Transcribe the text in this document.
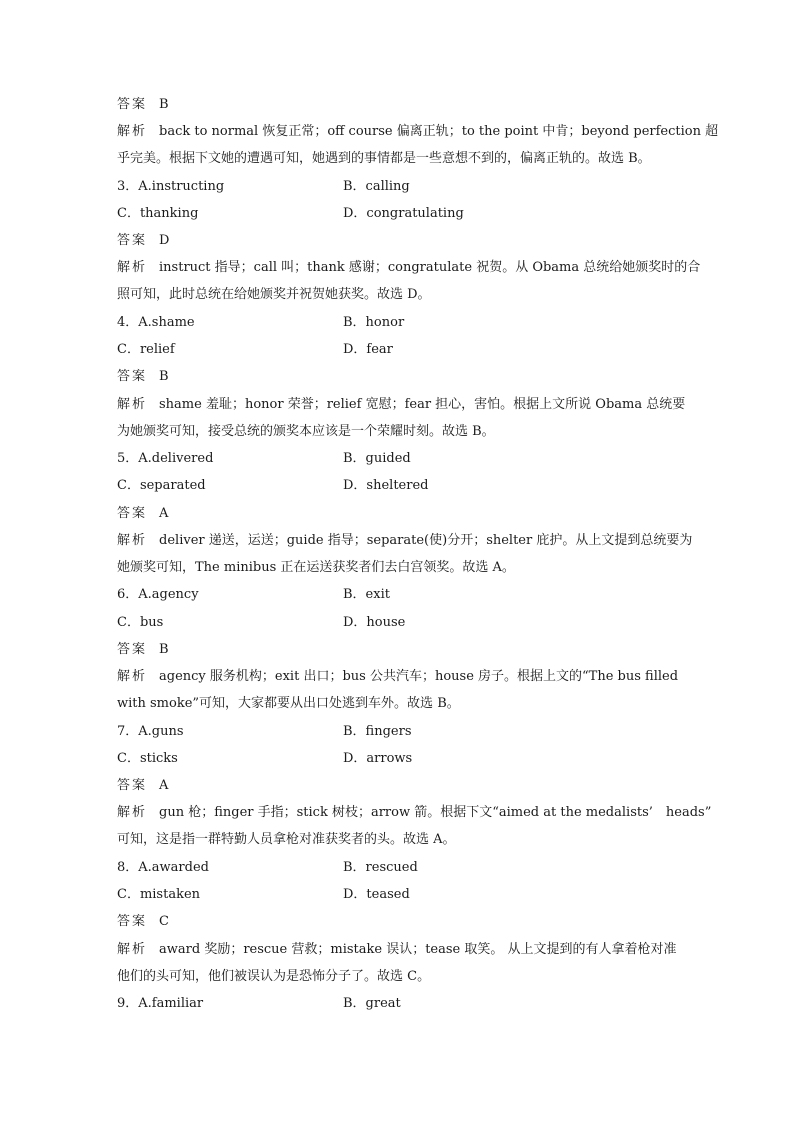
答案 B
解析 back to normal 恢复正常；off course 偏离正轨；to the point 中肯；beyond perfection 超
乎完美。根据下文她的遭遇可知，她遇到的事情都是一些意想不到的，偏离正轨的。故选 B。
3．A.instructing	B．calling
C．thanking	D．congratulating
答案 D
解析 instruct 指导；call 叫；thank 感谢；congratulate 祝贺。从 Obama 总统给她颁奖时的合
照可知，此时总统在给她颁奖并祝贺她获奖。故选 D。
4．A.shame	B．honor
C．relief	D．fear
答案 B
解析 shame 羞耻；honor 荣誉；relief 宽慰；fear 担心，害怕。根据上文所说 Obama 总统要
为她颁奖可知，接受总统的颁奖本应该是一个荣耀时刻。故选 B。
5．A.delivered	B．guided
C．separated	D．sheltered
答案 A
解析 deliver 递送，运送；guide 指导；separate(使)分开；shelter 庇护。从上文提到总统要为
她颁奖可知，The minibus 正在运送获奖者们去白宫领奖。故选 A。
6．A.agency	B．exit
C．bus	D．house
答案 B
解析 agency 服务机构；exit 出口；bus 公共汽车；house 房子。根据上文的“The bus filled
with smoke”可知，大家都要从出口处逃到车外。故选 B。
7．A.guns	B．fingers
C．sticks	D．arrows
答案 A
解析 gun 枪；finger 手指；stick 树枝；arrow 箭。根据下文“aimed at the medalists’　heads”
可知，这是指一群特勤人员拿枪对准获奖者的头。故选 A。
8．A.awarded	B．rescued
C．mistaken	D．teased
答案 C
解析 award 奖励；rescue 营救；mistake 误认；tease 取笑。 从上文提到的有人拿着枪对准
他们的头可知，他们被误认为是恐怖分子了。故选 C。
9．A.familiar	B．great
